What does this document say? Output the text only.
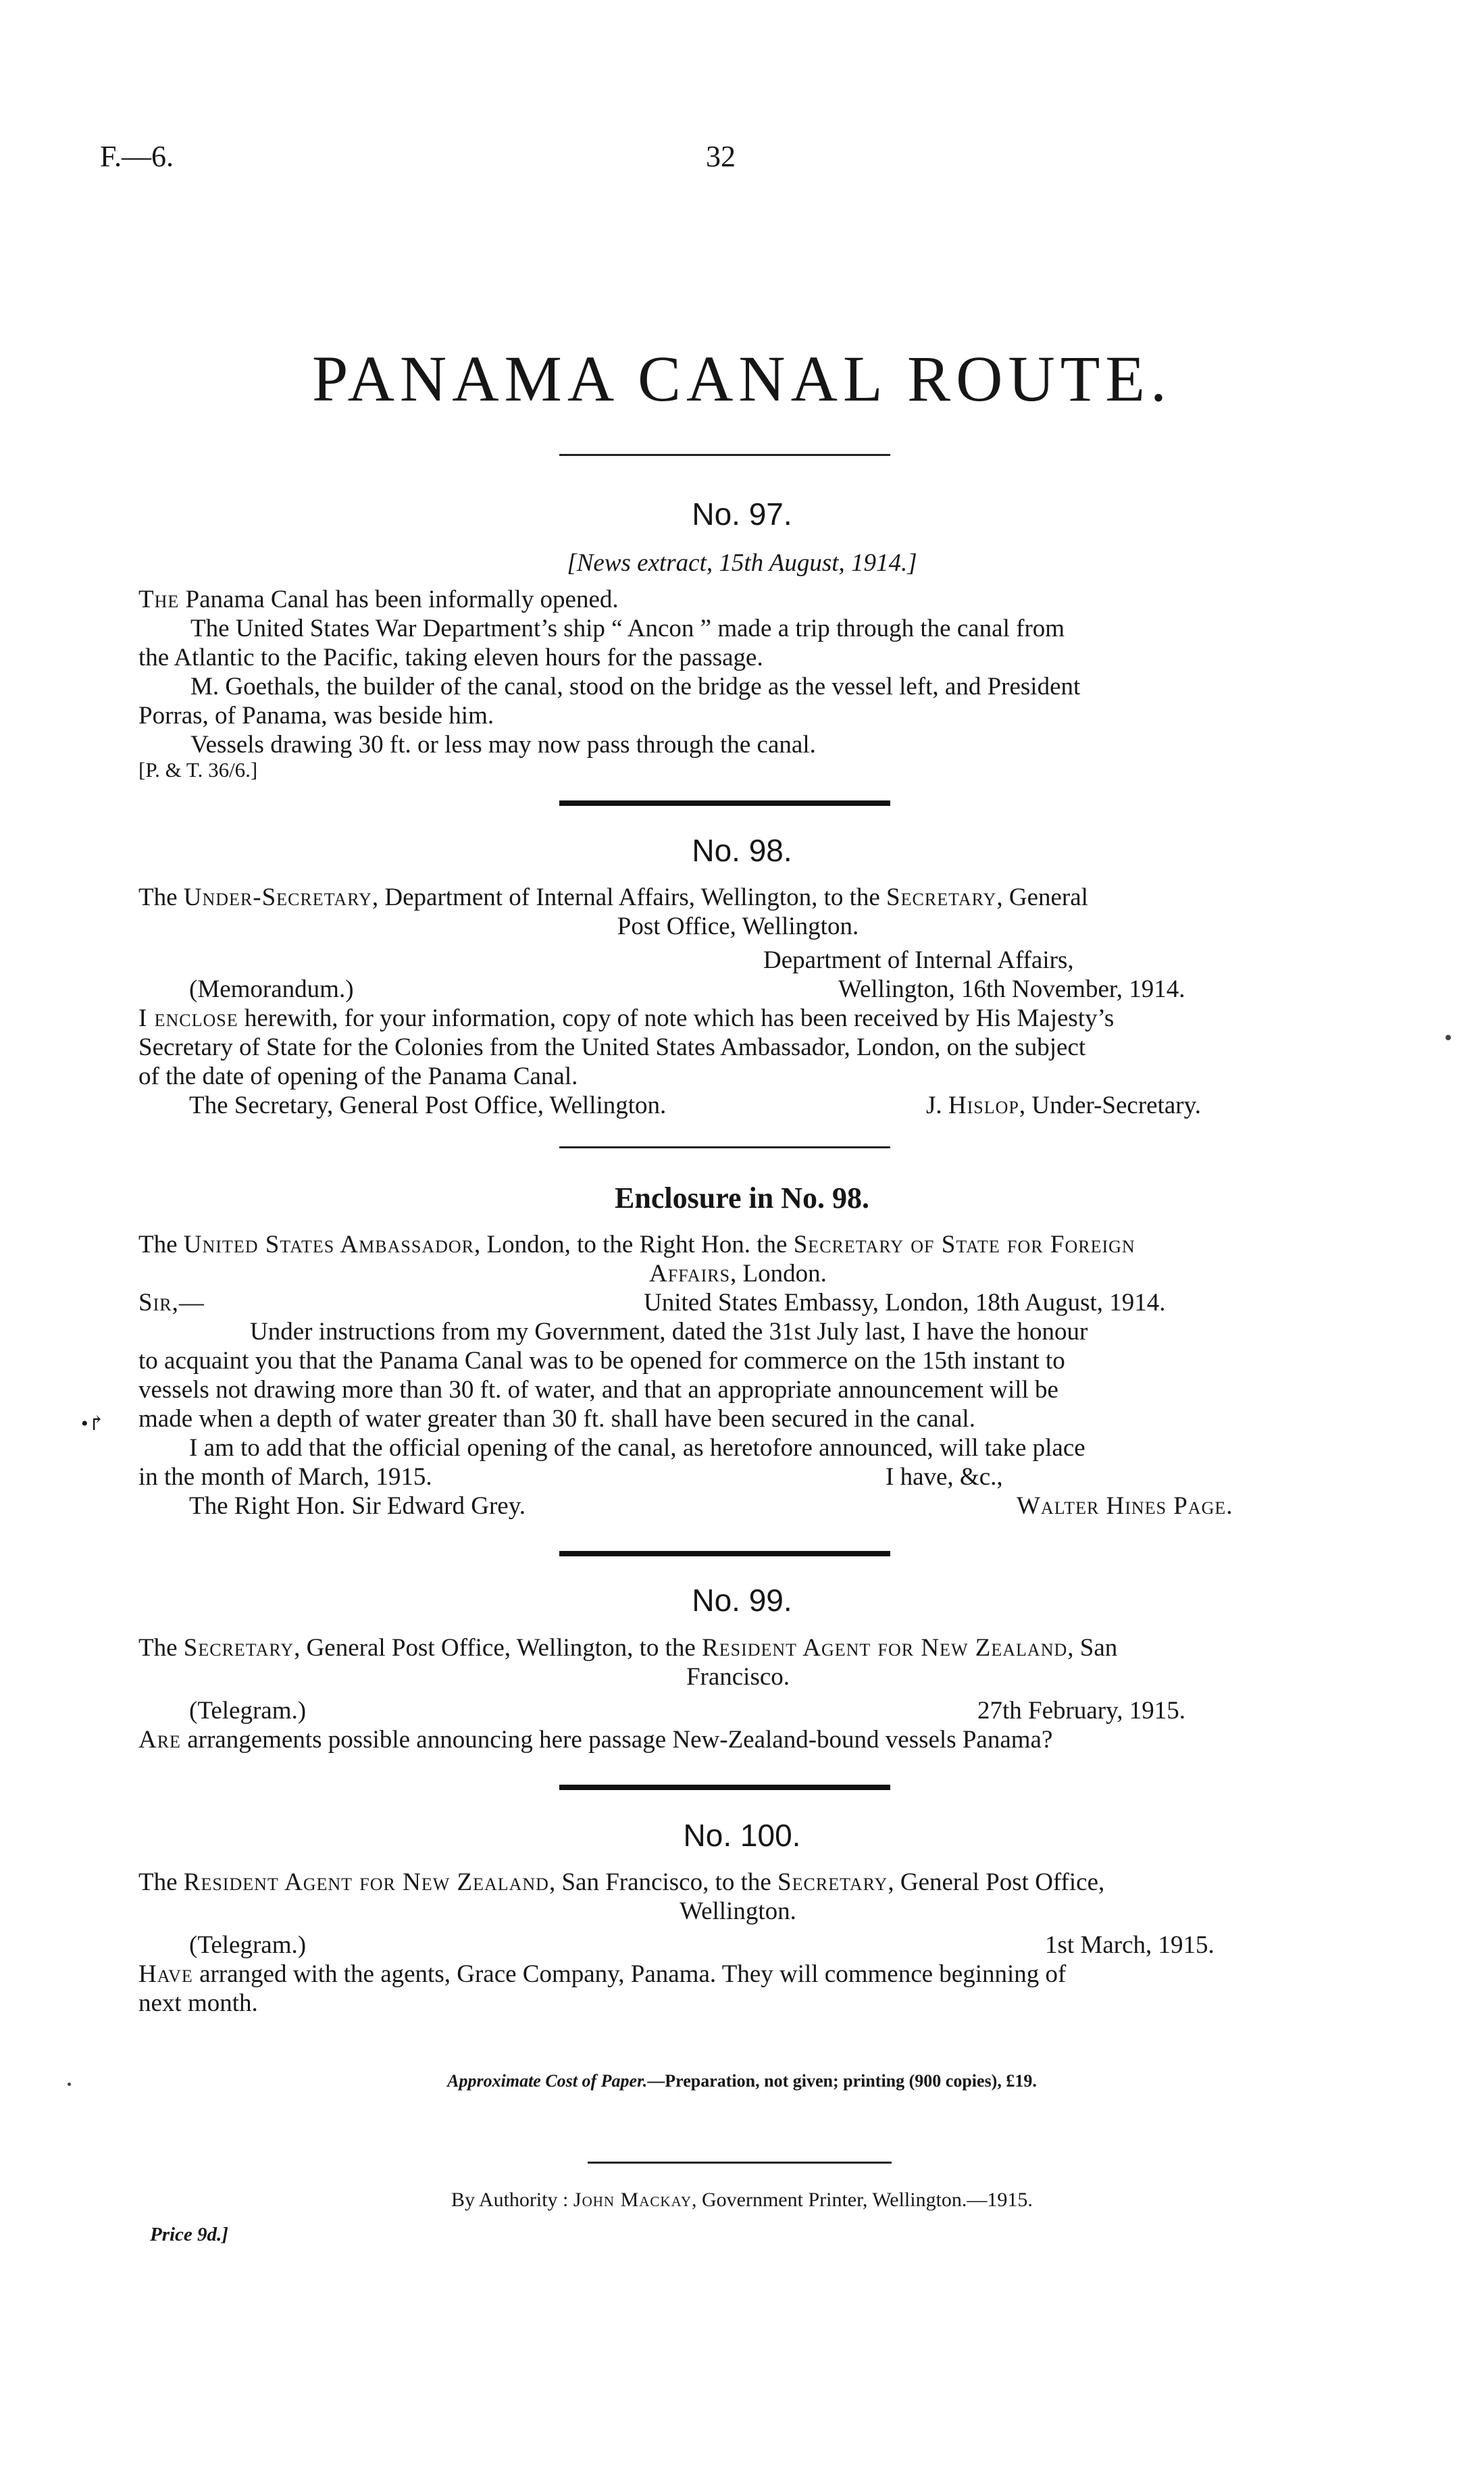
F.—6.	32
PANAMA CANAL ROUTE.
No. 97.
[News extract, 15th August, 1914.]
The Panama Canal has been informally opened.
The United States War Department’s ship “ Ancon ” made a trip through the canal from
the Atlantic to the Pacific, taking eleven hours for the passage.
M. Goethals, the builder of the canal, stood on the bridge as the vessel left, and President
Porras, of Panama, was beside him.
Vessels drawing 30 ft. or less may now pass through the canal.
[P. & T. 36/6.]
No. 98.
The Under-Secretary, Department of Internal Affairs, Wellington, to the Secretary, General
Post Office, Wellington.
Department of Internal Affairs,
(Memorandum.)	Wellington, 16th November, 1914.
I enclose herewith, for your information, copy of note which has been received by His Majesty’s
Secretary of State for the Colonies from the United States Ambassador, London, on the subject
of the date of opening of the Panama Canal.
The Secretary, General Post Office, Wellington.	J. Hislop, Under-Secretary.
Enclosure in No. 98.
The United States Ambassador, London, to the Right Hon. the Secretary of State for Foreign
Affairs, London.
Sir,—	United States Embassy, London, 18th August, 1914.
Under instructions from my Government, dated the 31st July last, I have the honour
to acquaint you that the Panama Canal was to be opened for commerce on the 15th instant to
vessels not drawing more than 30 ft. of water, and that an appropriate announcement will be
made when a depth of water greater than 30 ft. shall have been secured in the canal.
I am to add that the official opening of the canal, as heretofore announced, will take place
in the month of March, 1915.	I have, &c.,
The Right Hon. Sir Edward Grey.	Walter Hines Page.
•↱
No. 99.
The Secretary, General Post Office, Wellington, to the Resident Agent for New Zealand, San
Francisco.
(Telegram.)	27th February, 1915.
Are arrangements possible announcing here passage New-Zealand-bound vessels Panama?
No. 100.
The Resident Agent for New Zealand, San Francisco, to the Secretary, General Post Office,
Wellington.
(Telegram.)	1st March, 1915.
Have arranged with the agents, Grace Company, Panama. They will commence beginning of
next month.
Approximate Cost of Paper.—Preparation, not given; printing (900 copies), £19.
By Authority : John Mackay, Government Printer, Wellington.—1915.
Price 9d.]
